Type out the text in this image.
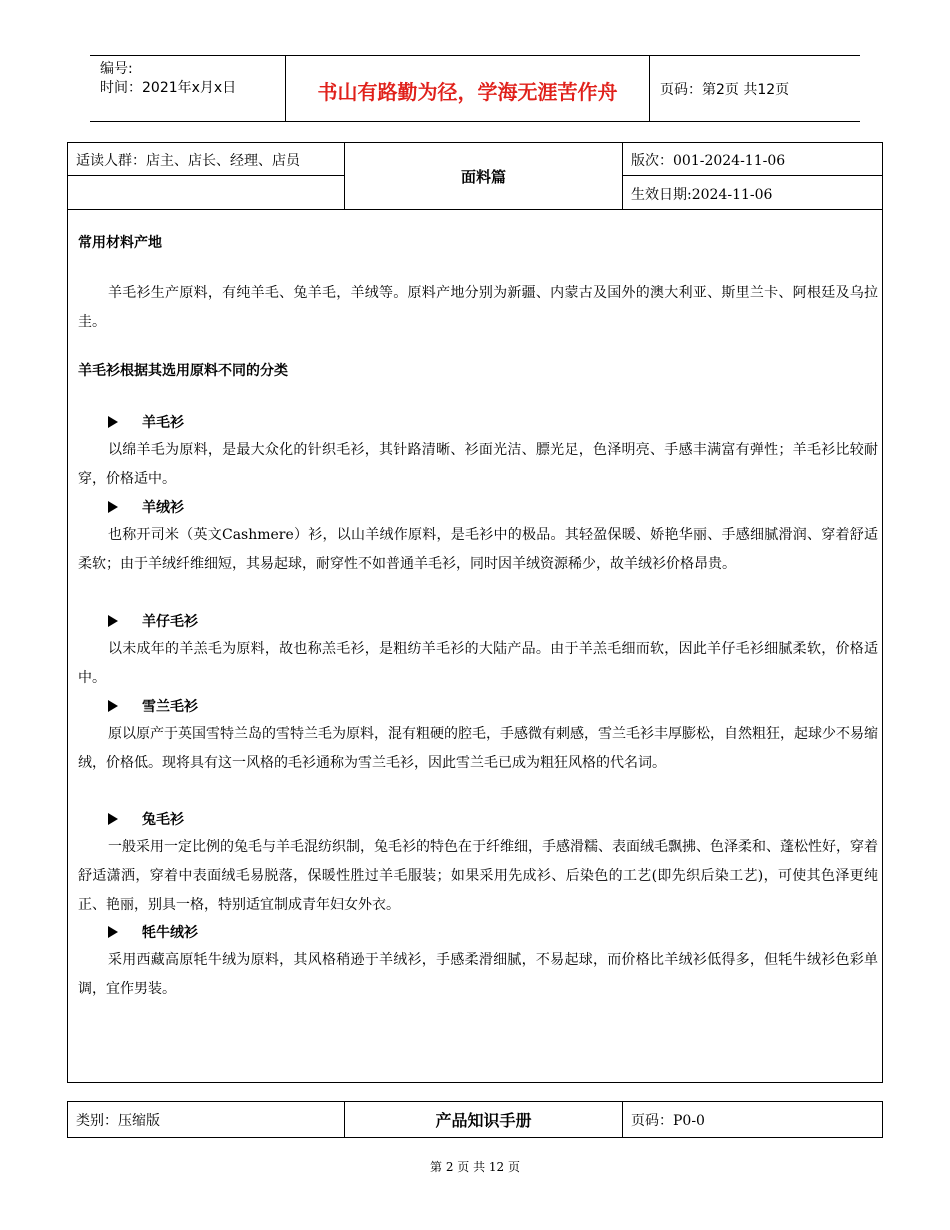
编号:
时间：2021年x月x日	书山有路勤为径，学海无涯苦作舟	页码：第2页 共12页
适读人群：店主、店长、经理、店员
面料篇
版次：001-2024-11-06
生效日期:2024-11-06
常用材料产地
羊毛衫生产原料，有纯羊毛、兔羊毛，羊绒等。原料产地分别为新疆、内蒙古及国外的澳大利亚、斯里兰卡、阿根廷及乌拉圭。
羊毛衫根据其选用原料不同的分类
羊毛衫
以绵羊毛为原料，是最大众化的针织毛衫，其针路清晰、衫面光洁、膘光足，色泽明亮、手感丰满富有弹性；羊毛衫比较耐穿，价格适中。
羊绒衫
也称开司米（英文Cashmere）衫，以山羊绒作原料，是毛衫中的极品。其轻盈保暖、娇艳华丽、手感细腻滑润、穿着舒适柔软；由于羊绒纤维细短，其易起球，耐穿性不如普通羊毛衫，同时因羊绒资源稀少，故羊绒衫价格昂贵。
羊仔毛衫
以未成年的羊羔毛为原料，故也称羔毛衫，是粗纺羊毛衫的大陆产品。由于羊羔毛细而软，因此羊仔毛衫细腻柔软，价格适中。
雪兰毛衫
原以原产于英国雪特兰岛的雪特兰毛为原料，混有粗硬的腔毛，手感微有刺感，雪兰毛衫丰厚膨松，自然粗狂，起球少不易缩绒，价格低。现将具有这一风格的毛衫通称为雪兰毛衫，因此雪兰毛已成为粗狂风格的代名词。
兔毛衫
一般采用一定比例的兔毛与羊毛混纺织制，兔毛衫的特色在于纤维细，手感滑糯、表面绒毛飘拂、色泽柔和、蓬松性好，穿着舒适潇洒，穿着中表面绒毛易脱落，保暖性胜过羊毛服装；如果采用先成衫、后染色的工艺(即先织后染工艺)，可使其色泽更纯正、艳丽，别具一格，特别适宜制成青年妇女外衣。
牦牛绒衫
采用西藏高原牦牛绒为原料，其风格稍逊于羊绒衫，手感柔滑细腻，不易起球，而价格比羊绒衫低得多，但牦牛绒衫色彩单调，宜作男装。
类别：压缩版	产品知识手册	页码：P0-0
第 2 页 共 12 页
